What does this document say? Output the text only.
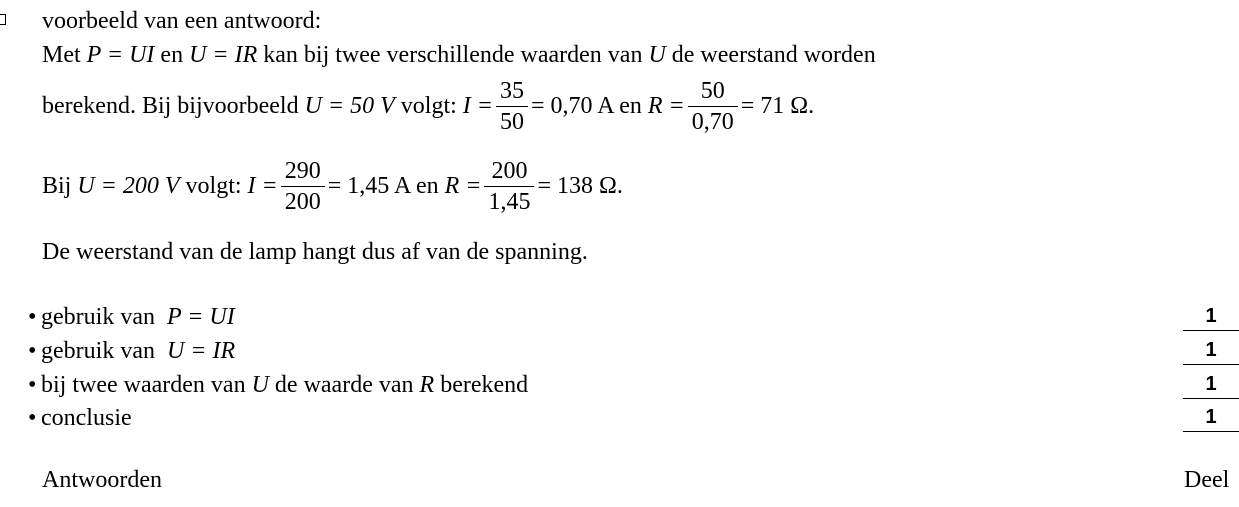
voorbeeld van een antwoord:
Met P = UI en U = IR kan bij twee verschillende waarden van U de weerstand worden
berekend. Bij bijvoorbeeld U = 50 V volgt: $I = \frac{35}{50} = 0,70$ A en $R = \frac{50}{0,70} = 71$ Ω.
Bij U = 200 V volgt: $I = \frac{290}{200} = 1,45$ A en $R = \frac{200}{1,45} = 138$ Ω.
De weerstand van de lamp hangt dus af van de spanning.
• gebruik van P = UI	1
• gebruik van U = IR	1
• bij twee waarden van U de waarde van R berekend	1
• conclusie	1
Antwoorden	Deel
